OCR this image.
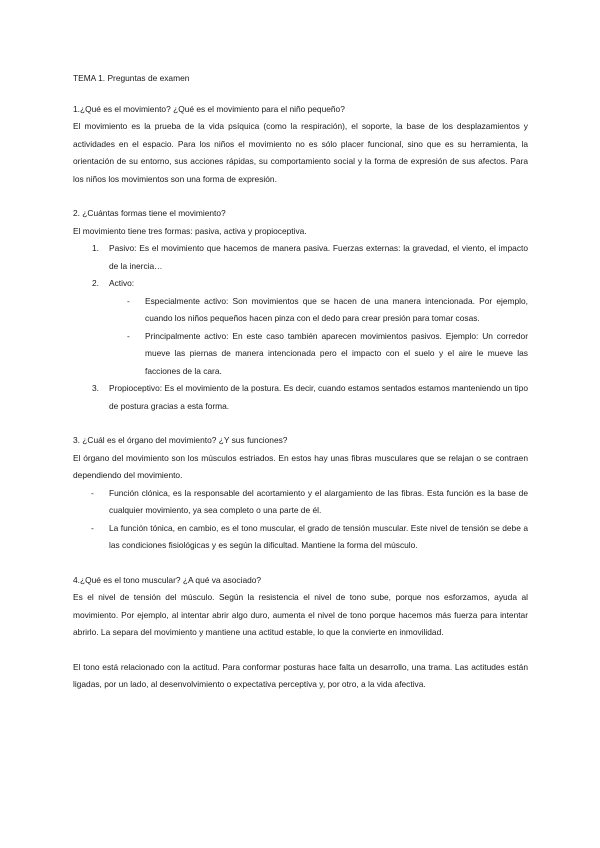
TEMA 1. Preguntas de examen
1.¿Qué es el movimiento? ¿Qué es el movimiento para el niño pequeño?

El movimiento es la prueba de la vida psíquica (como la respiración), el soporte, la base de los desplazamientos y actividades en el espacio. Para los niños el movimiento no es sólo placer funcional, sino que es su herramienta, la orientación de su entorno, sus acciones rápidas, su comportamiento social y la forma de expresión de sus afectos. Para los niños los movimientos son una forma de expresión.

2. ¿Cuántas formas tiene el movimiento?

El movimiento tiene tres formas: pasiva, activa y propioceptiva.

1. Pasivo: Es el movimiento que hacemos de manera pasiva. Fuerzas externas: la gravedad, el viento, el impacto de la inercia…
2. Activo:
- Especialmente activo: Son movimientos que se hacen de una manera intencionada. Por ejemplo, cuando los niños pequeños hacen pinza con el dedo para crear presión para tomar cosas.
- Principalmente activo: En este caso también aparecen movimientos pasivos. Ejemplo: Un corredor mueve las piernas de manera intencionada pero el impacto con el suelo y el aire le mueve las facciones de la cara.
3. Propioceptivo: Es el movimiento de la postura. Es decir, cuando estamos sentados estamos manteniendo un tipo de postura gracias a esta forma.
3. ¿Cuál es el órgano del movimiento? ¿Y sus funciones?

El órgano del movimiento son los músculos estriados. En estos hay unas fibras musculares que se relajan o se contraen dependiendo del movimiento.

- Función clónica, es la responsable del acortamiento y el alargamiento de las fibras. Esta función es la base de cualquier movimiento, ya sea completo o una parte de él.
- La función tónica, en cambio, es el tono muscular, el grado de tensión muscular. Este nivel de tensión se debe a las condiciones fisiológicas y es según la dificultad. Mantiene la forma del músculo.
4.¿Qué es el tono muscular? ¿A qué va asociado?

Es el nivel de tensión del músculo. Según la resistencia el nivel de tono sube, porque nos esforzamos, ayuda al movimiento. Por ejemplo, al intentar abrir algo duro, aumenta el nivel de tono porque hacemos más fuerza para intentar abrirlo. La separa del movimiento y mantiene una actitud estable, lo que la convierte en inmovilidad.

El tono está relacionado con la actitud. Para conformar posturas hace falta un desarrollo, una trama. Las actitudes están ligadas, por un lado, al desenvolvimiento o expectativa perceptiva y, por otro, a la vida afectiva.
